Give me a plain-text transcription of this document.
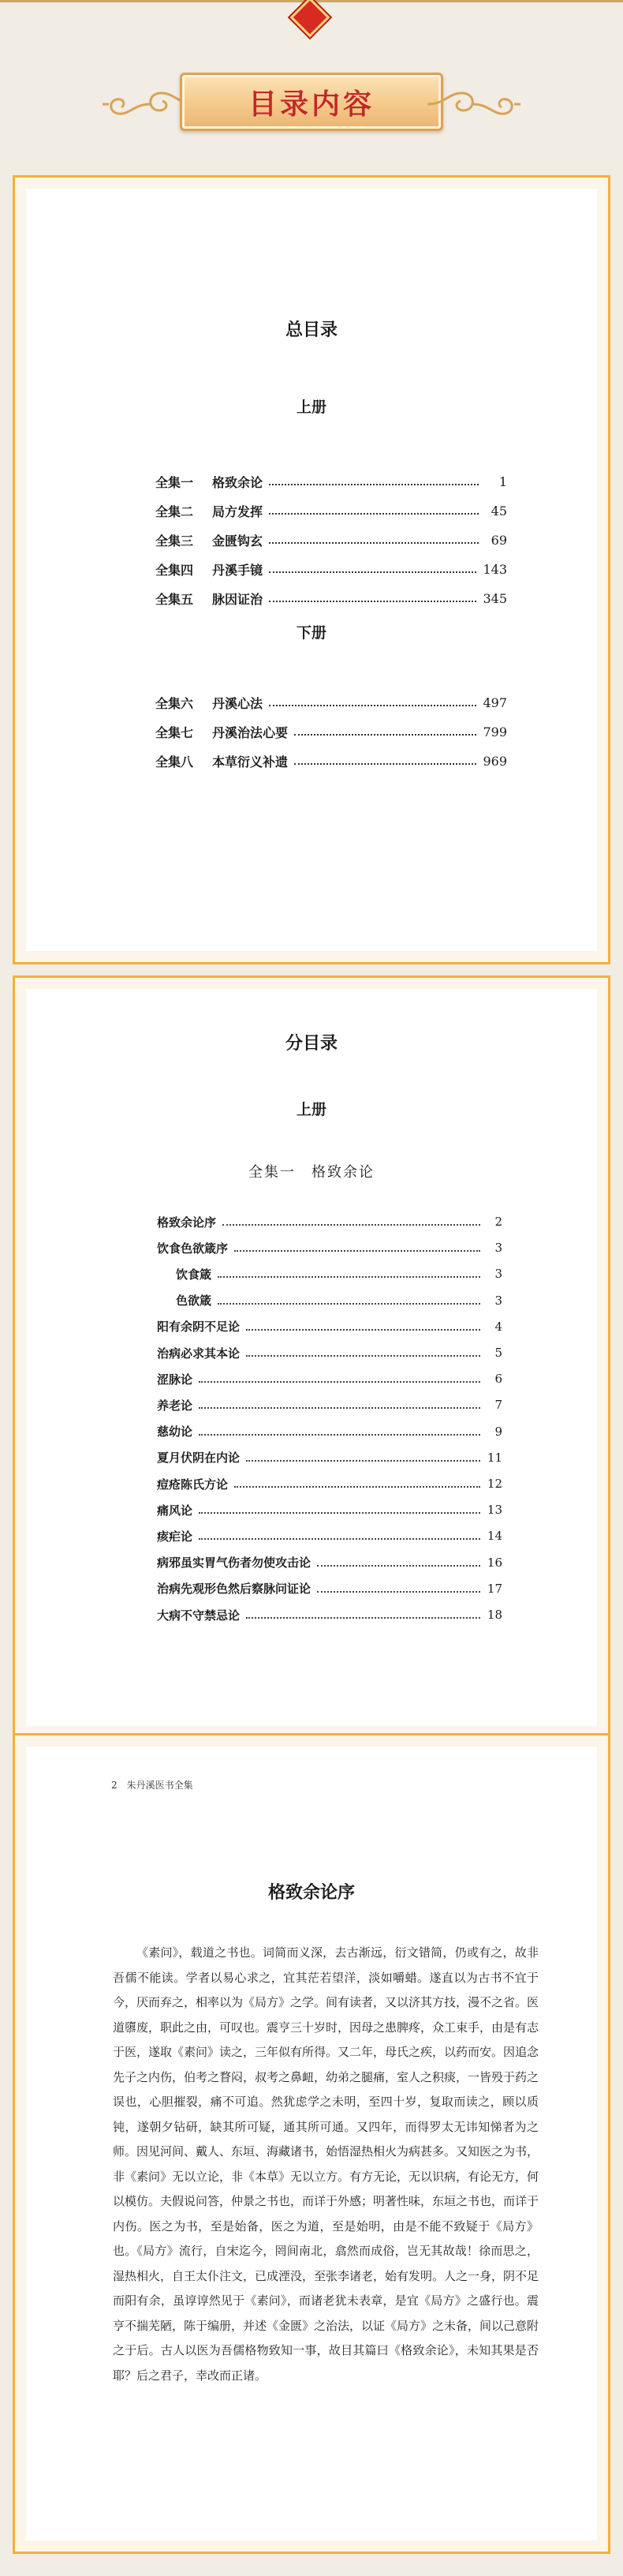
目录内容
总目录
上册
全集一	格致余论	1
全集二	局方发挥	45
全集三	金匮钩玄	69
全集四	丹溪手镜	143
全集五	脉因证治	345
下册
全集六	丹溪心法	497
全集七	丹溪治法心要	799
全集八	本草衍义补遗	969
分目录
上册
全集一　格致余论
格致余论序	2
饮食色欲箴序	3
饮食箴	3
色欲箴	3
阳有余阴不足论	4
治病必求其本论	5
涩脉论	6
养老论	7
慈幼论	9
夏月伏阴在内论	11
痘疮陈氏方论	12
痛风论	13
痎疟论	14
病邪虽实胃气伤者勿使攻击论	16
治病先观形色然后察脉问证论	17
大病不守禁忌论	18
2　朱丹溪医书全集
格致余论序
《素问》，载道之书也。词简而义深，去古渐远，衍文错简，仍或有之，故非吾儒不能读。学者以易心求之，宜其茫若望洋，淡如嚼蜡。遂直以为古书不宜于今，厌而弃之，相率以为《局方》之学。间有读者，又以济其方技，漫不之省。医道隳废，职此之由，可叹也。震亨三十岁时，因母之患脾疼，众工束手，由是有志于医，遂取《素问》读之，三年似有所得。又二年，母氏之疾，以药而安。因追念先子之内伤，伯考之瞀闷，叔考之鼻衄，幼弟之腿痛，室人之积痰，一皆殁于药之误也，心胆摧裂，痛不可追。然犹虑学之未明，至四十岁，复取而读之，顾以质钝，遂朝夕钻研，缺其所可疑，通其所可通。又四年，而得罗太无讳知悌者为之师。因见河间、戴人、东垣、海藏诸书，始悟湿热相火为病甚多。又知医之为书，非《素问》无以立论，非《本草》无以立方。有方无论，无以识病，有论无方，何以模仿。夫假说问答，仲景之书也，而详于外感；明著性味，东垣之书也，而详于内伤。医之为书，至是始备，医之为道，至是始明，由是不能不致疑于《局方》也。《局方》流行，自宋迄今，罔间南北，翕然而成俗，岂无其故哉！徐而思之，湿热相火，自王太仆注文，已成湮没，至张李诸老，始有发明。人之一身，阴不足而阳有余，虽谆谆然见于《素问》，而诸老犹未表章，是宜《局方》之盛行也。震亨不揣芜陋，陈于编册，并述《金匮》之治法，以证《局方》之未备，间以己意附之于后。古人以医为吾儒格物致知一事，故目其篇曰《格致余论》，未知其果是否耶？后之君子，幸改而正诸。
